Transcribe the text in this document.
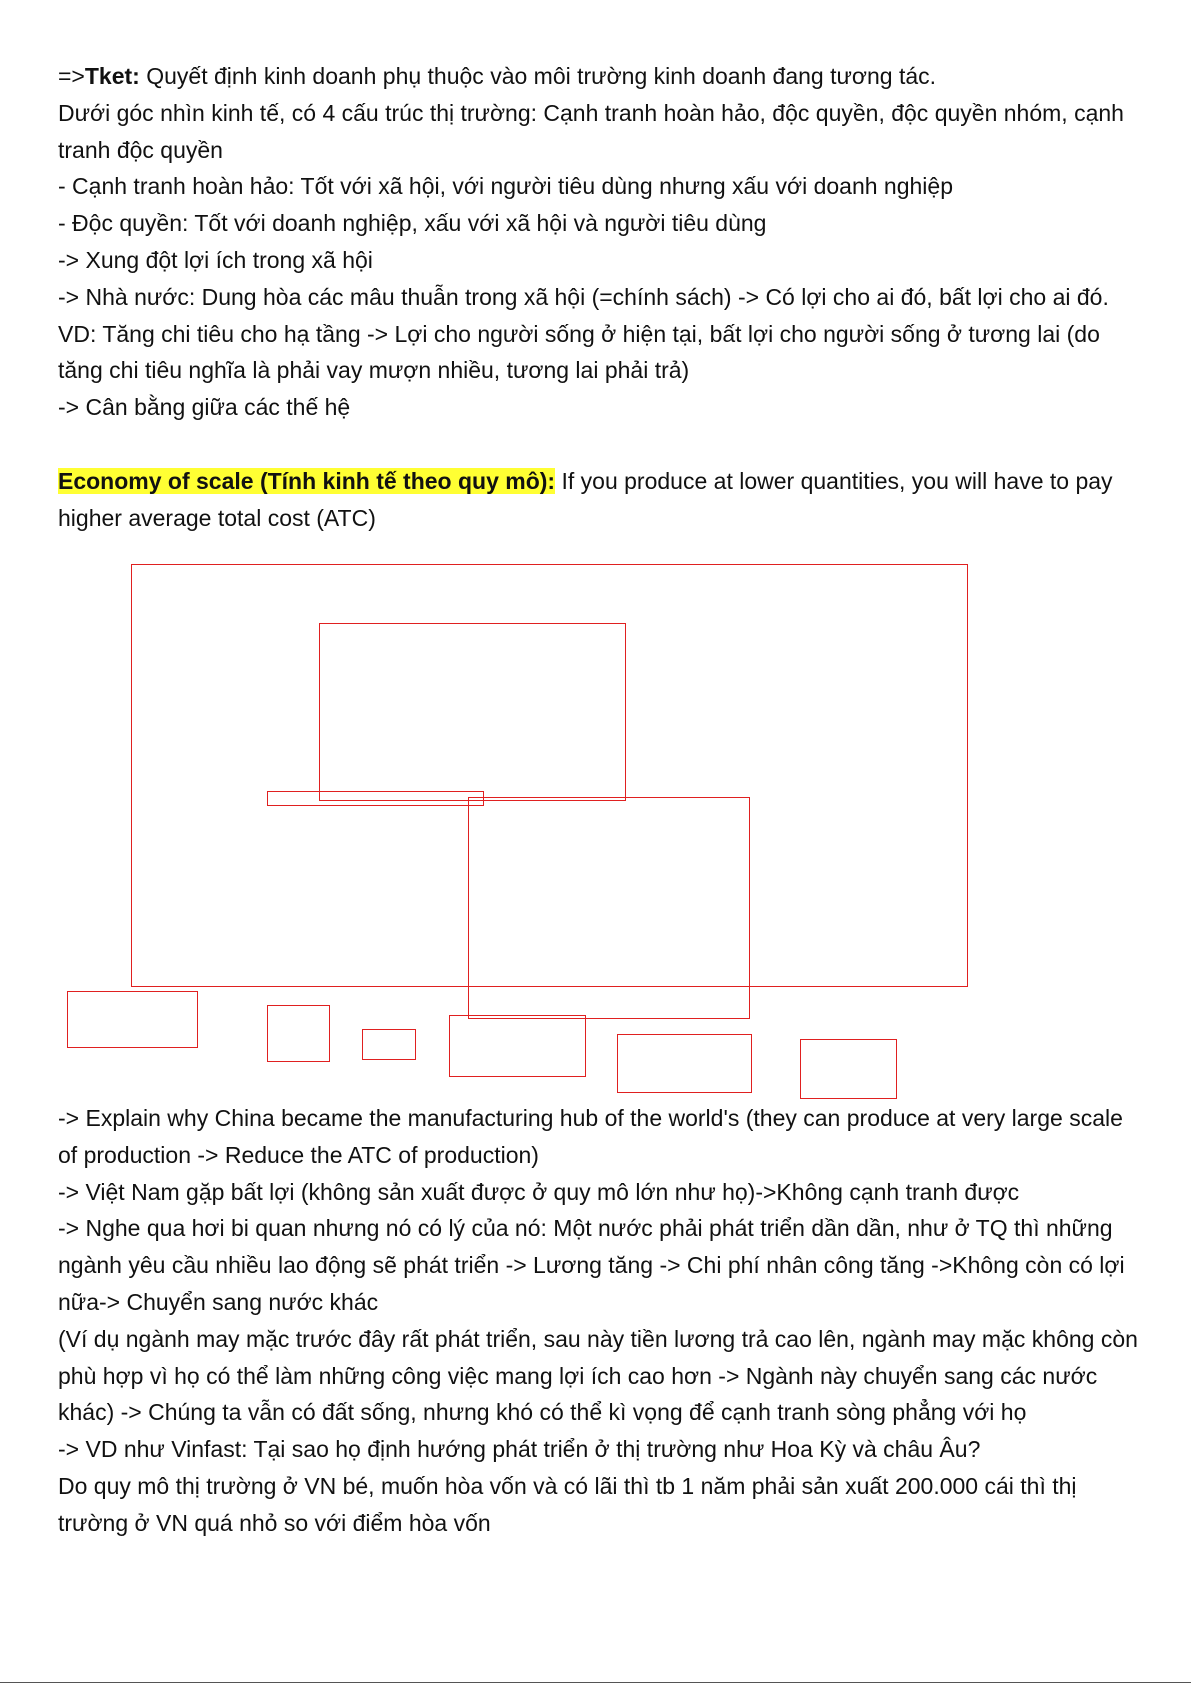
=>Tket: Quyết định kinh doanh phụ thuộc vào môi trường kinh doanh đang tương tác.

Dưới góc nhìn kinh tế, có 4 cấu trúc thị trường: Cạnh tranh hoàn hảo, độc quyền, độc quyền nhóm, cạnh tranh độc quyền

- Cạnh tranh hoàn hảo: Tốt với xã hội, với người tiêu dùng nhưng xấu với doanh nghiệp

- Độc quyền: Tốt với doanh nghiệp, xấu với xã hội và người tiêu dùng

-> Xung đột lợi ích trong xã hội

-> Nhà nước: Dung hòa các mâu thuẫn trong xã hội (=chính sách) -> Có lợi cho ai đó, bất lợi cho ai đó. VD: Tăng chi tiêu cho hạ tầng -> Lợi cho người sống ở hiện tại, bất lợi cho người sống ở tương lai (do tăng chi tiêu nghĩa là phải vay mượn nhiều, tương lai phải trả)

-> Cân bằng giữa các thế hệ

Economy of scale (Tính kinh tế theo quy mô): If you produce at lower quantities, you will have to pay higher average total cost (ATC)

-> Explain why China became the manufacturing hub of the world's (they can produce at very large scale of production -> Reduce the ATC of production)

-> Việt Nam gặp bất lợi (không sản xuất được ở quy mô lớn như họ)->Không cạnh tranh được

-> Nghe qua hơi bi quan nhưng nó có lý của nó: Một nước phải phát triển dần dần, như ở TQ thì những ngành yêu cầu nhiều lao động sẽ phát triển -> Lương tăng -> Chi phí nhân công tăng ->Không còn có lợi nữa-> Chuyển sang nước khác

(Ví dụ ngành may mặc trước đây rất phát triển, sau này tiền lương trả cao lên, ngành may mặc không còn phù hợp vì họ có thể làm những công việc mang lợi ích cao hơn -> Ngành này chuyển sang các nước khác) -> Chúng ta vẫn có đất sống, nhưng khó có thể kì vọng để cạnh tranh sòng phẳng với họ

-> VD như Vinfast: Tại sao họ định hướng phát triển ở thị trường như Hoa Kỳ và châu Âu?

Do quy mô thị trường ở VN bé, muốn hòa vốn và có lãi thì tb 1 năm phải sản xuất 200.000 cái thì thị trường ở VN quá nhỏ so với điểm hòa vốn
